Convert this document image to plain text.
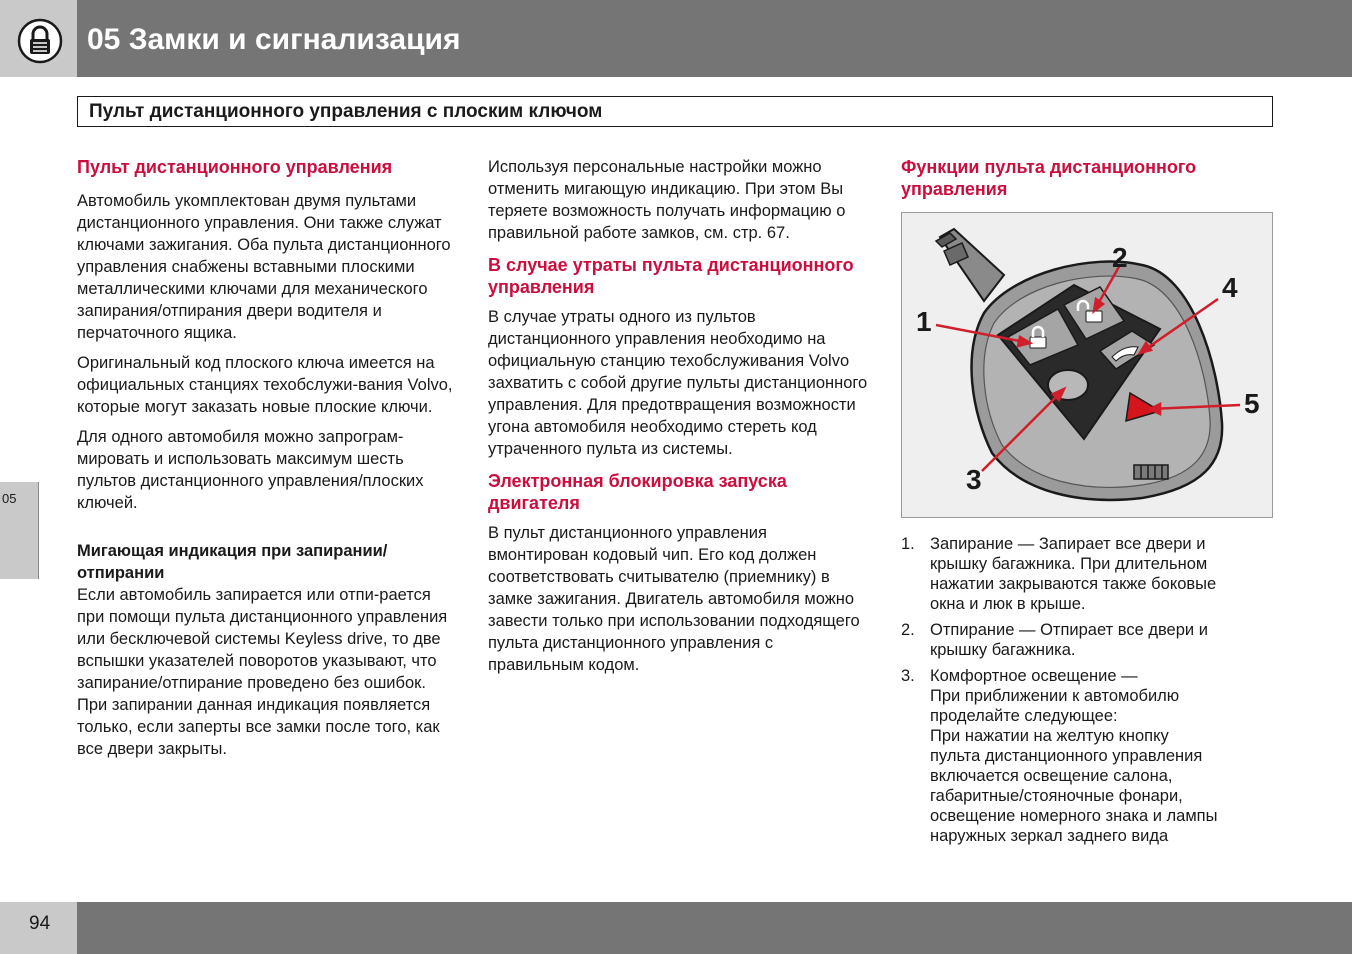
05 Замки и сигнализация
Пульт дистанционного управления с плоским ключом
05
Пульт дистанционного управления

Автомобиль укомплектован двумя пультами дистанционного управления. Они также служат ключами зажигания. Оба пульта дистанционного управления снабжены вставными плоскими металлическими ключами для механического запирания/отпирания двери водителя и перчаточного ящика.

Оригинальный код плоского ключа имеется на официальных станциях техобслужи-вания Volvo, которые могут заказать новые плоские ключи.

Для одного автомобиля можно запрограм-мировать и использовать максимум шесть пультов дистанционного управления/плоских ключей.

Мигающая индикация при запирании/отпирании

Если автомобиль запирается или отпи-рается при помощи пульта дистанционного управления или бесключевой системы Keyless drive, то две вспышки указателей поворотов указывают, что запирание/отпирание проведено без ошибок. При запирании данная индикация появляется только, если заперты все замки после того, как все двери закрыты.

Используя персональные настройки можно отменить мигающую индикацию. При этом Вы теряете возможность получать информацию о правильной работе замков, см. стр. 67.

В случае утраты пульта дистанционного управления

В случае утраты одного из пультов дистанционного управления необходимо на официальную станцию техобслуживания Volvo захватить с собой другие пульты дистанционного управления. Для предотвращения возможности угона автомобиля необходимо стереть код утраченного пульта из системы.

Электронная блокировка запуска двигателя

В пульт дистанционного управления вмонтирован кодовый чип. Его код должен соответствовать считывателю (приемнику) в замке зажигания. Двигатель автомобиля можно завести только при использовании подходящего пульта дистанционного управления с правильным кодом.

Функции пульта дистанционного управления
1
2
3
4
5
1. Запирание — Запирает все двери и
крышку багажника. При длительном
нажатии закрываются также боковые
окна и люк в крыше.
2. Отпирание — Отпирает все двери и
крышку багажника.
3. Комфортное освещение —
При приближении к автомобилю
проделайте следующее:
При нажатии на желтую кнопку
пульта дистанционного управления
включается освещение салона,
габаритные/стояночные фонари,
освещение номерного знака и лампы
наружных зеркал заднего вида
94
